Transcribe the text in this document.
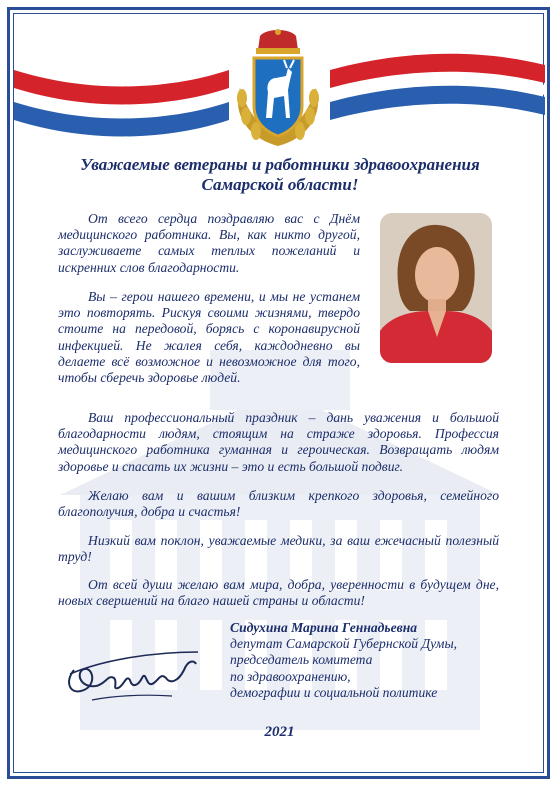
Уважаемые ветераны и работники здравоохранения
Самарской области!

От всего сердца поздравляю вас с Днём медицинского работника. Вы, как никто другой, заслуживаете самых теплых пожеланий и искренних слов благодарности.

Вы – герои нашего времени, и мы не устанем это повторять. Рискуя своими жизнями, твердо стоите на передовой, борясь с коронавирусной инфекцией. Не жалея себя, каждодневно вы делаете всё возможное и невозможное для того, чтобы сберечь здоровье людей.

Ваш профессиональный праздник – дань уважения и большой благодарности людям, стоящим на страже здоровья. Профессия медицинского работника гуманная и героическая. Возвращать людям здоровье и спасать их жизни – это и есть большой подвиг.

Желаю вам и вашим близким крепкого здоровья, семейного благополучия, добра и счастья!

Низкий вам поклон, уважаемые медики, за ваш ежечасный полезный труд!

От всей души желаю вам мира, добра, уверенности в будущем дне, новых свершений на благо нашей страны и области!

Сидухина Марина Геннадьевна
депутат Самарской Губернской Думы,
председатель комитета
по здравоохранению,
демографии и социальной политике
2021
